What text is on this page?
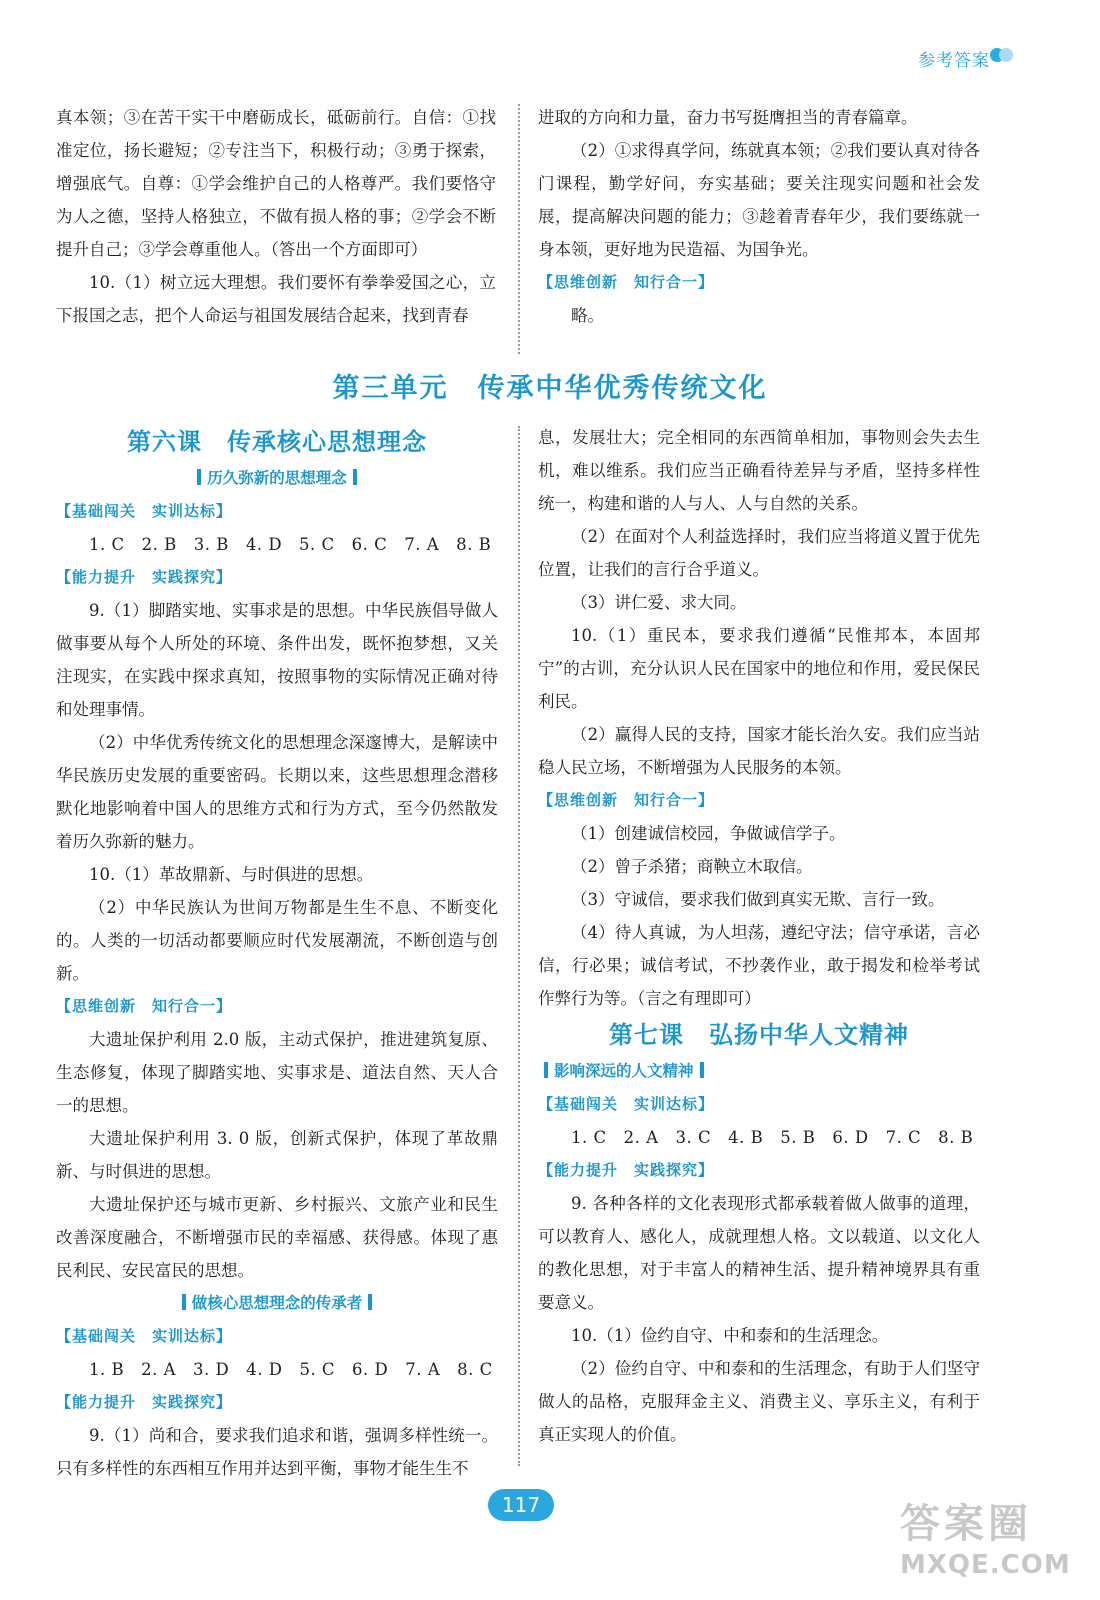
参考答案

真本领；③在苦干实干中磨砺成长，砥砺前行。自信：①找准定位，扬长避短；②专注当下，积极行动；③勇于探索，增强底气。自尊：①学会维护自己的人格尊严。我们要恪守为人之德，坚持人格独立，不做有损人格的事；②学会不断提升自己；③学会尊重他人。（答出一个方面即可）

10.（1）树立远大理想。我们要怀有拳拳爱国之心，立下报国之志，把个人命运与祖国发展结合起来，找到青春

进取的方向和力量，奋力书写挺膺担当的青春篇章。

（2）①求得真学问，练就真本领；②我们要认真对待各门课程，勤学好问，夯实基础；要关注现实问题和社会发展，提高解决问题的能力；③趁着青春年少，我们要练就一身本领，更好地为民造福、为国争光。

【思维创新　知行合一】

略。

第三单元　传承中华优秀传统文化
第六课　传承核心思想理念
历久弥新的思想理念
【基础闯关　实训达标】

1. C　2. B　3. B　4. D　5. C　6. C　7. A　8. B

【能力提升　实践探究】

9.（1）脚踏实地、实事求是的思想。中华民族倡导做人做事要从每个人所处的环境、条件出发，既怀抱梦想，又关注现实，在实践中探求真知，按照事物的实际情况正确对待和处理事情。

（2）中华优秀传统文化的思想理念深邃博大，是解读中华民族历史发展的重要密码。长期以来，这些思想理念潜移默化地影响着中国人的思维方式和行为方式，至今仍然散发着历久弥新的魅力。

10.（1）革故鼎新、与时俱进的思想。

（2）中华民族认为世间万物都是生生不息、不断变化的。人类的一切活动都要顺应时代发展潮流，不断创造与创新。

【思维创新　知行合一】

大遗址保护利用 2.0 版，主动式保护，推进建筑复原、生态修复，体现了脚踏实地、实事求是、道法自然、天人合一的思想。

大遗址保护利用 3. 0 版，创新式保护，体现了革故鼎新、与时俱进的思想。

大遗址保护还与城市更新、乡村振兴、文旅产业和民生改善深度融合，不断增强市民的幸福感、获得感。体现了惠民利民、安民富民的思想。

做核心思想理念的传承者
【基础闯关　实训达标】

1. B　2. A　3. D　4. D　5. C　6. D　7. A　8. C

【能力提升　实践探究】

9.（1）尚和合，要求我们追求和谐，强调多样性统一。只有多样性的东西相互作用并达到平衡，事物才能生生不

息，发展壮大；完全相同的东西简单相加，事物则会失去生机，难以维系。我们应当正确看待差异与矛盾，坚持多样性统一，构建和谐的人与人、人与自然的关系。

（2）在面对个人利益选择时，我们应当将道义置于优先位置，让我们的言行合乎道义。

（3）讲仁爱、求大同。

10.（1）重民本，要求我们遵循“民惟邦本，本固邦宁”的古训，充分认识人民在国家中的地位和作用，爱民保民利民。

（2）赢得人民的支持，国家才能长治久安。我们应当站稳人民立场，不断增强为人民服务的本领。

【思维创新　知行合一】

（1）创建诚信校园，争做诚信学子。

（2）曾子杀猪；商鞅立木取信。

（3）守诚信，要求我们做到真实无欺、言行一致。

（4）待人真诚，为人坦荡，遵纪守法；信守承诺，言必信，行必果；诚信考试，不抄袭作业，敢于揭发和检举考试作弊行为等。（言之有理即可）

第七课　弘扬中华人文精神
影响深远的人文精神
【基础闯关　实训达标】

1. C　2. A　3. C　4. B　5. B　6. D　7. C　8. B

【能力提升　实践探究】

9. 各种各样的文化表现形式都承载着做人做事的道理，可以教育人、感化人，成就理想人格。文以载道、以文化人的教化思想，对于丰富人的精神生活、提升精神境界具有重要意义。

10.（1）俭约自守、中和泰和的生活理念。

（2）俭约自守、中和泰和的生活理念，有助于人们坚守做人的品格，克服拜金主义、消费主义、享乐主义，有利于真正实现人的价值。

117	答案圈
MXQE.COM
